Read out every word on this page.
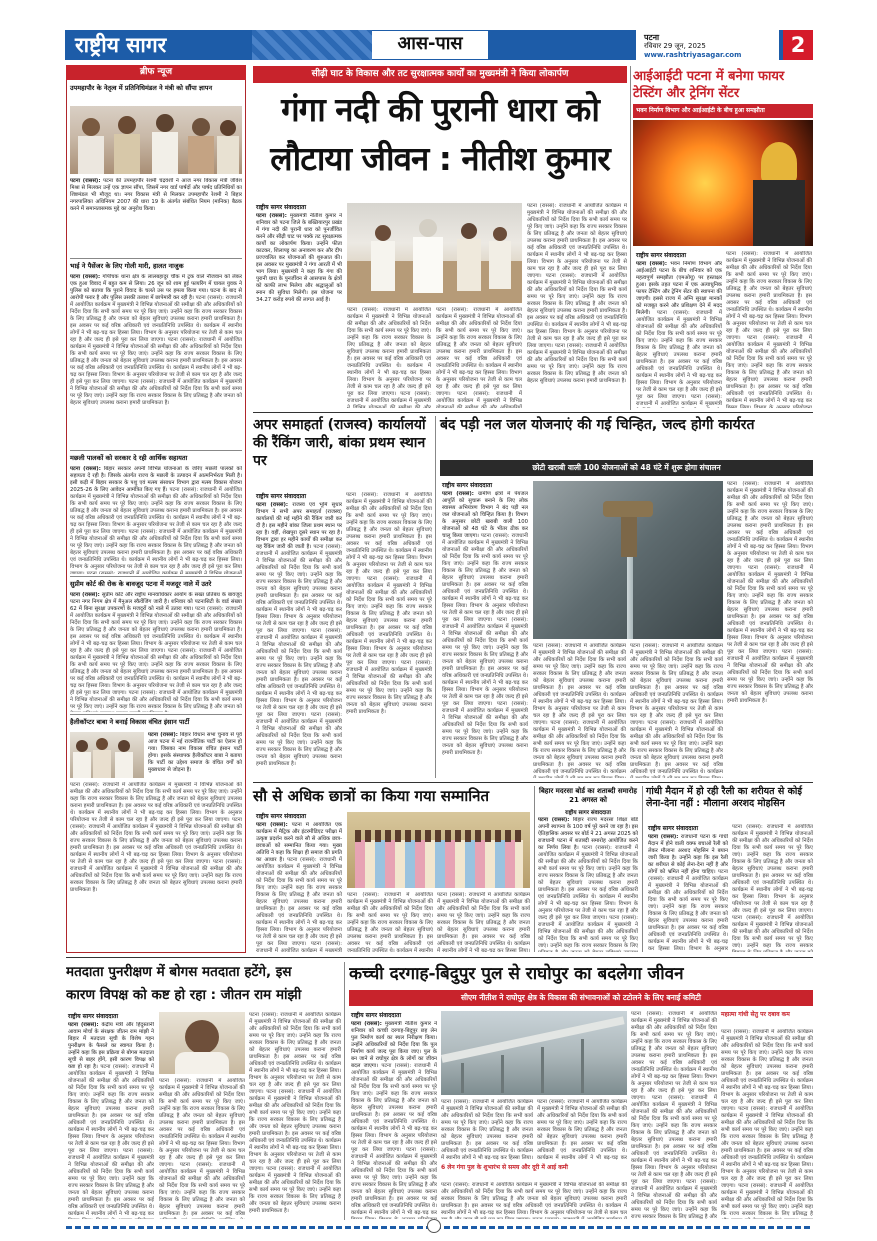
राष्ट्रीय सागर	आस-पास	पटना
रविवार 29 जून, 2025
www.rashtriyasagar.com	2
ब्रीफ न्यूज
उपमहापौर के नेतृत्व में प्रतिनिधिमंडल ने मंत्री को सौंपा ज्ञापन
पटना (राससं): पटना की उपमहापौर रेशमी चंद्रवंशी ने आज नगर विकास मंत्री जीवेश मिश्रा से मिलकर उन्हें एक ज्ञापन सौंपा, जिसमें नगर वार्ड पार्षदों और पार्षद प्रतिनिधियों का शिष्टमंडल भी मौजूद था। नगर विकास मंत्री से मिलकर उपमहापौर रेशमी ने बिहार नगरपालिका अधिनियम 2007 की धारा 19 के अंतर्गत संबंधित नियम (मानिक) बैठक करने में समानतासमक मुद्दे का अनुरोध किया।
भाई ने पैसेंजर के लिए गोली मारी, हालत नाजुक
पटना (राससं): गोपीचक थाना क्षेत्र के लालबहादुर चौक में ट्रक वाले नौजवान को लेकर एक हुआ विवाद में बहुत कम से लिया। 26 जून को शाम हुई फायरिंग में घायल युवक ने पुलिस को बताया कि पुराने विवाद के चलते उस पर हमला किया गया। घटना के बाद से आरोपी फरार है और पुलिस उसकी तलाश में छापेमारी कर रही है। पटना (राससं): राजधानी में आयोजित कार्यक्रम में मुख्यमंत्री ने विभिन्न योजनाओं की समीक्षा की और अधिकारियों को निर्देश दिया कि सभी कार्य समय पर पूरे किए जाएं। उन्होंने कहा कि राज्य सरकार विकास के लिए प्रतिबद्ध है और जनता को बेहतर सुविधाएं उपलब्ध कराना हमारी प्राथमिकता है। इस अवसर पर कई वरिष्ठ अधिकारी एवं जनप्रतिनिधि उपस्थित थे। कार्यक्रम में स्थानीय लोगों ने भी बढ़-चढ़ कर हिस्सा लिया। विभाग के अनुसार परियोजना पर तेजी से काम चल रहा है और जल्द ही इसे पूरा कर लिया जाएगा। पटना (राससं): राजधानी में आयोजित कार्यक्रम में मुख्यमंत्री ने विभिन्न योजनाओं की समीक्षा की और अधिकारियों को निर्देश दिया कि सभी कार्य समय पर पूरे किए जाएं। उन्होंने कहा कि राज्य सरकार विकास के लिए प्रतिबद्ध है और जनता को बेहतर सुविधाएं उपलब्ध कराना हमारी प्राथमिकता है। इस अवसर पर कई वरिष्ठ अधिकारी एवं जनप्रतिनिधि उपस्थित थे। कार्यक्रम में स्थानीय लोगों ने भी बढ़-चढ़ कर हिस्सा लिया। विभाग के अनुसार परियोजना पर तेजी से काम चल रहा है और जल्द ही इसे पूरा कर लिया जाएगा। पटना (राससं): राजधानी में आयोजित कार्यक्रम में मुख्यमंत्री ने विभिन्न योजनाओं की समीक्षा की और अधिकारियों को निर्देश दिया कि सभी कार्य समय पर पूरे किए जाएं। उन्होंने कहा कि राज्य सरकार विकास के लिए प्रतिबद्ध है और जनता को बेहतर सुविधाएं उपलब्ध कराना हमारी प्राथमिकता है।
मछली पालकों को सरकार दे रही आर्थिक सहायता
पटना (राससं): बिहार सरकार अपनी विभिन्न योजनाओं के जरिए मछली पालकों को सहायता दे रही है। जिसके अंतर्गत राज्य के मछली के उत्पादन में आत्मनिर्भरता मिली है। इसी कड़ी में बिहार सरकार के पशु एवं मत्स्य संसाधन विभाग द्वारा मत्स्य विकास योजना 2025-26 के लिए आवेदन आमंत्रित किए गए हैं। पटना (राससं): राजधानी में आयोजित कार्यक्रम में मुख्यमंत्री ने विभिन्न योजनाओं की समीक्षा की और अधिकारियों को निर्देश दिया कि सभी कार्य समय पर पूरे किए जाएं। उन्होंने कहा कि राज्य सरकार विकास के लिए प्रतिबद्ध है और जनता को बेहतर सुविधाएं उपलब्ध कराना हमारी प्राथमिकता है। इस अवसर पर कई वरिष्ठ अधिकारी एवं जनप्रतिनिधि उपस्थित थे। कार्यक्रम में स्थानीय लोगों ने भी बढ़-चढ़ कर हिस्सा लिया। विभाग के अनुसार परियोजना पर तेजी से काम चल रहा है और जल्द ही इसे पूरा कर लिया जाएगा। पटना (राससं): राजधानी में आयोजित कार्यक्रम में मुख्यमंत्री ने विभिन्न योजनाओं की समीक्षा की और अधिकारियों को निर्देश दिया कि सभी कार्य समय पर पूरे किए जाएं। उन्होंने कहा कि राज्य सरकार विकास के लिए प्रतिबद्ध है और जनता को बेहतर सुविधाएं उपलब्ध कराना हमारी प्राथमिकता है। इस अवसर पर कई वरिष्ठ अधिकारी एवं जनप्रतिनिधि उपस्थित थे। कार्यक्रम में स्थानीय लोगों ने भी बढ़-चढ़ कर हिस्सा लिया। विभाग के अनुसार परियोजना पर तेजी से काम चल रहा है और जल्द ही इसे पूरा कर लिया जाएगा। पटना (राससं): राजधानी में आयोजित कार्यक्रम में मुख्यमंत्री ने विभिन्न योजनाओं की समीक्षा की और अधिकारियों को निर्देश दिया कि सभी कार्य समय पर पूरे किए जाएं। उन्होंने कहा कि राज्य सरकार विकास के लिए प्रतिबद्ध है और जनता को बेहतर सुविधाएं उपलब्ध कराना हमारी प्राथमिकता है।
सुप्रीम कोर्ट की रोक के बावजूद पटना में मजदूर नाले में उतरे
पटना (राससं): सुप्रीम कोर्ट और राष्ट्रीय मानवाधिकार आयोग के सख्त प्रतिबंध के बावजूद पटना नगर निगम क्षेत्र में मैनुअल स्कैवेंजिंग जारी है। शनिवार को पटनासिटी के वार्ड संख्या 62 में बिना सुरक्षा उपकरणों के मजदूरों को नाले में उतारा गया। पटना (राससं): राजधानी में आयोजित कार्यक्रम में मुख्यमंत्री ने विभिन्न योजनाओं की समीक्षा की और अधिकारियों को निर्देश दिया कि सभी कार्य समय पर पूरे किए जाएं। उन्होंने कहा कि राज्य सरकार विकास के लिए प्रतिबद्ध है और जनता को बेहतर सुविधाएं उपलब्ध कराना हमारी प्राथमिकता है। इस अवसर पर कई वरिष्ठ अधिकारी एवं जनप्रतिनिधि उपस्थित थे। कार्यक्रम में स्थानीय लोगों ने भी बढ़-चढ़ कर हिस्सा लिया। विभाग के अनुसार परियोजना पर तेजी से काम चल रहा है और जल्द ही इसे पूरा कर लिया जाएगा। पटना (राससं): राजधानी में आयोजित कार्यक्रम में मुख्यमंत्री ने विभिन्न योजनाओं की समीक्षा की और अधिकारियों को निर्देश दिया कि सभी कार्य समय पर पूरे किए जाएं। उन्होंने कहा कि राज्य सरकार विकास के लिए प्रतिबद्ध है और जनता को बेहतर सुविधाएं उपलब्ध कराना हमारी प्राथमिकता है। इस अवसर पर कई वरिष्ठ अधिकारी एवं जनप्रतिनिधि उपस्थित थे। कार्यक्रम में स्थानीय लोगों ने भी बढ़-चढ़ कर हिस्सा लिया। विभाग के अनुसार परियोजना पर तेजी से काम चल रहा है और जल्द ही इसे पूरा कर लिया जाएगा। पटना (राससं): राजधानी में आयोजित कार्यक्रम में मुख्यमंत्री ने विभिन्न योजनाओं की समीक्षा की और अधिकारियों को निर्देश दिया कि सभी कार्य समय पर पूरे किए जाएं। उन्होंने कहा कि राज्य सरकार विकास के लिए प्रतिबद्ध है और जनता को बेहतर सुविधाएं उपलब्ध कराना हमारी प्राथमिकता है।
हैलीकॉप्टर बाबा ने बनाई विकास वंचित इंसान पार्टी
पटना (राससं): बिहार विधान सभा चुनाव से पूर्व आज पटना में नई राजनीतिक पार्टी का ऐलान हो गया। जिसका नाम विकास वंचित इंसान पार्टी होगा। इसके संस्थापक हैलीकॉप्टर बाबा ने बताया कि पार्टी का उद्देश्य समाज के वंचित वर्गों को मुख्यधारा से जोड़ना है।
पटना (राससं): राजधानी में आयोजित कार्यक्रम में मुख्यमंत्री ने विभिन्न योजनाओं की समीक्षा की और अधिकारियों को निर्देश दिया कि सभी कार्य समय पर पूरे किए जाएं। उन्होंने कहा कि राज्य सरकार विकास के लिए प्रतिबद्ध है और जनता को बेहतर सुविधाएं उपलब्ध कराना हमारी प्राथमिकता है। इस अवसर पर कई वरिष्ठ अधिकारी एवं जनप्रतिनिधि उपस्थित थे। कार्यक्रम में स्थानीय लोगों ने भी बढ़-चढ़ कर हिस्सा लिया। विभाग के अनुसार परियोजना पर तेजी से काम चल रहा है और जल्द ही इसे पूरा कर लिया जाएगा। पटना (राससं): राजधानी में आयोजित कार्यक्रम में मुख्यमंत्री ने विभिन्न योजनाओं की समीक्षा की और अधिकारियों को निर्देश दिया कि सभी कार्य समय पर पूरे किए जाएं। उन्होंने कहा कि राज्य सरकार विकास के लिए प्रतिबद्ध है और जनता को बेहतर सुविधाएं उपलब्ध कराना हमारी प्राथमिकता है। इस अवसर पर कई वरिष्ठ अधिकारी एवं जनप्रतिनिधि उपस्थित थे। कार्यक्रम में स्थानीय लोगों ने भी बढ़-चढ़ कर हिस्सा लिया। विभाग के अनुसार परियोजना पर तेजी से काम चल रहा है और जल्द ही इसे पूरा कर लिया जाएगा। पटना (राससं): राजधानी में आयोजित कार्यक्रम में मुख्यमंत्री ने विभिन्न योजनाओं की समीक्षा की और अधिकारियों को निर्देश दिया कि सभी कार्य समय पर पूरे किए जाएं। उन्होंने कहा कि राज्य सरकार विकास के लिए प्रतिबद्ध है और जनता को बेहतर सुविधाएं उपलब्ध कराना हमारी प्राथमिकता है।
सीढ़ी घाट के विकास और तट सुरक्षात्मक कार्यों का मुख्यमंत्री ने किया लोकार्पण
गंगा नदी की पुरानी धारा को
लौटाया जीवन : नीतीश कुमार
राष्ट्रीय सागर संवाददाता
पटना (राससं): मुख्यमंत्री नीतीश कुमार ने शनिवार को पटना जिले के बख्तियारपुर प्रखंड में गंगा नदी की पुरानी धारा को पुनर्जीवित करने और सीढ़ी घाट पर पक्के तट सुरक्षात्मक कार्यों का लोकार्पण किया। उन्होंने फीता काटकर, शिलापट्ट का अनावरण कर और दीप प्रज्ज्वलित कर योजनाओं की शुरुआत की। इस अवसर पर मुख्यमंत्री ने गंगा आरती में भी भाग लिया। मुख्यमंत्री ने कहा कि गंगा की पुरानी धारा के पुनर्जीवन से आसपास के क्षेत्रों को काफी लाभ मिलेगा और श्रद्धालुओं को स्नान की सुविधा मिलेगी। इस योजना पर 34.27 करोड़ रुपये की लागत आई है।
पटना (राससं): राजधानी में आयोजित कार्यक्रम में मुख्यमंत्री ने विभिन्न योजनाओं की समीक्षा की और अधिकारियों को निर्देश दिया कि सभी कार्य समय पर पूरे किए जाएं। उन्होंने कहा कि राज्य सरकार विकास के लिए प्रतिबद्ध है और जनता को बेहतर सुविधाएं उपलब्ध कराना हमारी प्राथमिकता है। इस अवसर पर कई वरिष्ठ अधिकारी एवं जनप्रतिनिधि उपस्थित थे। कार्यक्रम में स्थानीय लोगों ने भी बढ़-चढ़ कर हिस्सा लिया। विभाग के अनुसार परियोजना पर तेजी से काम चल रहा है और जल्द ही इसे पूरा कर लिया जाएगा। पटना (राससं): राजधानी में आयोजित कार्यक्रम में मुख्यमंत्री ने विभिन्न योजनाओं की समीक्षा की और अधिकारियों को निर्देश दिया कि सभी कार्य समय पर पूरे किए जाएं। उन्होंने कहा कि राज्य सरकार विकास के लिए प्रतिबद्ध है और जनता को बेहतर सुविधाएं उपलब्ध कराना हमारी प्राथमिकता है। इस अवसर पर कई वरिष्ठ अधिकारी एवं जनप्रतिनिधि उपस्थित थे। कार्यक्रम में स्थानीय लोगों ने भी बढ़-चढ़ कर हिस्सा लिया। विभाग के अनुसार परियोजना पर तेजी से काम चल रहा है और जल्द ही इसे पूरा कर लिया जाएगा। पटना (राससं): राजधानी में आयोजित कार्यक्रम में मुख्यमंत्री ने विभिन्न योजनाओं की समीक्षा की और अधिकारियों को निर्देश दिया कि सभी कार्य समय पर पूरे किए जाएं। उन्होंने कहा कि राज्य सरकार विकास के लिए प्रतिबद्ध है और जनता को बेहतर सुविधाएं उपलब्ध कराना हमारी प्राथमिकता है।
पटना (राससं): राजधानी में आयोजित कार्यक्रम में मुख्यमंत्री ने विभिन्न योजनाओं की समीक्षा की और अधिकारियों को निर्देश दिया कि सभी कार्य समय पर पूरे किए जाएं। उन्होंने कहा कि राज्य सरकार विकास के लिए प्रतिबद्ध है और जनता को बेहतर सुविधाएं उपलब्ध कराना हमारी प्राथमिकता है। इस अवसर पर कई वरिष्ठ अधिकारी एवं जनप्रतिनिधि उपस्थित थे। कार्यक्रम में स्थानीय लोगों ने भी बढ़-चढ़ कर हिस्सा लिया। विभाग के अनुसार परियोजना पर तेजी से काम चल रहा है और जल्द ही इसे पूरा कर लिया जाएगा। पटना (राससं): राजधानी में आयोजित कार्यक्रम में मुख्यमंत्री ने विभिन्न योजनाओं की समीक्षा की और अधिकारियों को निर्देश दिया कि सभी कार्य समय पर पूरे किए जाएं। उन्होंने कहा कि राज्य सरकार विकास के लिए प्रतिबद्ध है और जनता को बेहतर सुविधाएं उपलब्ध कराना हमारी प्राथमिकता है। इस अवसर पर कई वरिष्ठ अधिकारी एवं जनप्रतिनिधि उपस्थित थे। कार्यक्रम में स्थानीय लोगों ने भी बढ़-चढ़ कर हिस्सा लिया। विभाग के अनुसार परियोजना पर तेजी से काम चल रहा है और जल्द ही इसे पूरा कर लिया जाएगा। पटना (राससं): राजधानी में आयोजित कार्यक्रम में मुख्यमंत्री ने विभिन्न योजनाओं की समीक्षा की और अधिकारियों को निर्देश दिया कि सभी कार्य समय पर पूरे किए जाएं। उन्होंने कहा कि राज्य सरकार विकास के लिए प्रतिबद्ध है और जनता को बेहतर सुविधाएं उपलब्ध कराना हमारी प्राथमिकता है।
पटना (राससं): राजधानी में आयोजित कार्यक्रम में मुख्यमंत्री ने विभिन्न योजनाओं की समीक्षा की और अधिकारियों को निर्देश दिया कि सभी कार्य समय पर पूरे किए जाएं। उन्होंने कहा कि राज्य सरकार विकास के लिए प्रतिबद्ध है और जनता को बेहतर सुविधाएं उपलब्ध कराना हमारी प्राथमिकता है। इस अवसर पर कई वरिष्ठ अधिकारी एवं जनप्रतिनिधि उपस्थित थे। कार्यक्रम में स्थानीय लोगों ने भी बढ़-चढ़ कर हिस्सा लिया। विभाग के अनुसार परियोजना पर तेजी से काम चल रहा है और जल्द ही इसे पूरा कर लिया जाएगा। पटना (राससं): राजधानी में आयोजित कार्यक्रम में मुख्यमंत्री ने विभिन्न योजनाओं की समीक्षा की और अधिकारियों को निर्देश दिया कि सभी कार्य समय पर पूरे किए जाएं। उन्होंने कहा कि राज्य सरकार विकास के लिए प्रतिबद्ध है और जनता को बेहतर सुविधाएं उपलब्ध कराना हमारी प्राथमिकता है। इस अवसर पर कई वरिष्ठ अधिकारी एवं जनप्रतिनिधि उपस्थित थे। कार्यक्रम में स्थानीय लोगों ने भी बढ़-चढ़ कर हिस्सा लिया। विभाग के अनुसार परियोजना पर तेजी से काम चल रहा है और जल्द ही इसे पूरा कर लिया जाएगा। पटना (राससं): राजधानी में आयोजित कार्यक्रम में मुख्यमंत्री ने विभिन्न योजनाओं की समीक्षा की और अधिकारियों को निर्देश दिया कि सभी कार्य समय पर पूरे किए जाएं। उन्होंने कहा कि राज्य सरकार विकास के लिए प्रतिबद्ध है और जनता को बेहतर सुविधाएं उपलब्ध कराना हमारी प्राथमिकता है।
आईआईटी पटना में बनेगा फायर टेस्टिंग और ट्रेनिंग सेंटर
भवन निर्माण विभाग और आईआईटी के बीच हुआ समझौता
राष्ट्रीय सागर संवाददाता
पटना (राससं): भवन निर्माण विभाग और आईआईटी पटना के बीच शनिवार को एक महत्वपूर्ण समझौता (एमओयू) पर हस्ताक्षर हुआ। इसके तहत पटना में एक अत्याधुनिक फायर टेस्टिंग और ट्रेनिंग सेंटर की स्थापना की जाएगी। इससे राज्य में अग्नि सुरक्षा मानकों को मजबूत करने और प्रशिक्षण देने में मदद मिलेगी। पटना (राससं): राजधानी में आयोजित कार्यक्रम में मुख्यमंत्री ने विभिन्न योजनाओं की समीक्षा की और अधिकारियों को निर्देश दिया कि सभी कार्य समय पर पूरे किए जाएं। उन्होंने कहा कि राज्य सरकार विकास के लिए प्रतिबद्ध है और जनता को बेहतर सुविधाएं उपलब्ध कराना हमारी प्राथमिकता है। इस अवसर पर कई वरिष्ठ अधिकारी एवं जनप्रतिनिधि उपस्थित थे। कार्यक्रम में स्थानीय लोगों ने भी बढ़-चढ़ कर हिस्सा लिया। विभाग के अनुसार परियोजना पर तेजी से काम चल रहा है और जल्द ही इसे पूरा कर लिया जाएगा। पटना (राससं): राजधानी में आयोजित कार्यक्रम में मुख्यमंत्री ने विभिन्न योजनाओं की समीक्षा की और अधिकारियों को निर्देश दिया कि सभी कार्य समय पर पूरे किए जाएं। उन्होंने कहा कि राज्य सरकार विकास के लिए प्रतिबद्ध है और जनता को बेहतर सुविधाएं उपलब्ध कराना हमारी प्राथमिकता है। इस अवसर पर कई वरिष्ठ अधिकारी एवं जनप्रतिनिधि उपस्थित थे। कार्यक्रम में स्थानीय लोगों ने भी बढ़-चढ़ कर हिस्सा लिया। विभाग के अनुसार परियोजना पर तेजी से काम चल रहा है और जल्द ही इसे पूरा कर लिया जाएगा। पटना (राससं): राजधानी में आयोजित कार्यक्रम में मुख्यमंत्री ने विभिन्न योजनाओं की समीक्षा की और अधिकारियों को निर्देश दिया कि सभी कार्य समय पर पूरे किए जाएं। उन्होंने कहा कि राज्य सरकार विकास के लिए प्रतिबद्ध है और जनता को बेहतर सुविधाएं उपलब्ध कराना हमारी प्राथमिकता है।
पटना (राससं): राजधानी में आयोजित कार्यक्रम में मुख्यमंत्री ने विभिन्न योजनाओं की समीक्षा की और अधिकारियों को निर्देश दिया कि सभी कार्य समय पर पूरे किए जाएं। उन्होंने कहा कि राज्य सरकार विकास के लिए प्रतिबद्ध है और जनता को बेहतर सुविधाएं उपलब्ध कराना हमारी प्राथमिकता है। इस अवसर पर कई वरिष्ठ अधिकारी एवं जनप्रतिनिधि उपस्थित थे। कार्यक्रम में स्थानीय लोगों ने भी बढ़-चढ़ कर हिस्सा लिया। विभाग के अनुसार परियोजना पर तेजी से काम चल रहा है और जल्द ही इसे पूरा कर लिया जाएगा। पटना (राससं): राजधानी में आयोजित कार्यक्रम में मुख्यमंत्री ने विभिन्न योजनाओं की समीक्षा की और अधिकारियों को निर्देश दिया कि सभी कार्य समय पर पूरे किए जाएं। उन्होंने कहा कि राज्य सरकार विकास के लिए प्रतिबद्ध है और जनता को बेहतर सुविधाएं उपलब्ध कराना हमारी प्राथमिकता है। इस अवसर पर कई वरिष्ठ अधिकारी एवं जनप्रतिनिधि उपस्थित थे। कार्यक्रम में स्थानीय लोगों ने भी बढ़-चढ़ कर हिस्सा लिया। विभाग के अनुसार परियोजना पर तेजी से काम चल रहा है और जल्द ही इसे पूरा कर लिया जाएगा। पटना (राससं): राजधानी में आयोजित कार्यक्रम में मुख्यमंत्री ने विभिन्न योजनाओं की समीक्षा की और अधिकारियों को निर्देश दिया कि सभी कार्य समय पर पूरे किए जाएं। उन्होंने कहा कि राज्य सरकार विकास के लिए प्रतिबद्ध है और जनता को बेहतर सुविधाएं उपलब्ध कराना हमारी प्राथमिकता है।
अपर समाहर्ता (राजस्व) कार्यालयों की रैंकिंग जारी, बांका प्रथम स्थान पर
राष्ट्रीय सागर संवाददाता
पटना (राससं): राजस्व एवं भूमि सुधार विभाग ने सभी अपर समाहर्ता (राजस्व) कार्यालयों की मई महीने की रैंकिंग जारी कर दी है। इस महीने बांका जिला प्रथम स्थान पर रहा है। वहीं, शेखपुरा दूसरे स्थान पर रहा है। विभाग द्वारा हर महीने कार्यों की समीक्षा कर यह रैंकिंग जारी की जाती है। पटना (राससं): राजधानी में आयोजित कार्यक्रम में मुख्यमंत्री ने विभिन्न योजनाओं की समीक्षा की और अधिकारियों को निर्देश दिया कि सभी कार्य समय पर पूरे किए जाएं। उन्होंने कहा कि राज्य सरकार विकास के लिए प्रतिबद्ध है और जनता को बेहतर सुविधाएं उपलब्ध कराना हमारी प्राथमिकता है। इस अवसर पर कई वरिष्ठ अधिकारी एवं जनप्रतिनिधि उपस्थित थे। कार्यक्रम में स्थानीय लोगों ने भी बढ़-चढ़ कर हिस्सा लिया। विभाग के अनुसार परियोजना पर तेजी से काम चल रहा है और जल्द ही इसे पूरा कर लिया जाएगा। पटना (राससं): राजधानी में आयोजित कार्यक्रम में मुख्यमंत्री ने विभिन्न योजनाओं की समीक्षा की और अधिकारियों को निर्देश दिया कि सभी कार्य समय पर पूरे किए जाएं। उन्होंने कहा कि राज्य सरकार विकास के लिए प्रतिबद्ध है और जनता को बेहतर सुविधाएं उपलब्ध कराना हमारी प्राथमिकता है। इस अवसर पर कई वरिष्ठ अधिकारी एवं जनप्रतिनिधि उपस्थित थे। कार्यक्रम में स्थानीय लोगों ने भी बढ़-चढ़ कर हिस्सा लिया। विभाग के अनुसार परियोजना पर तेजी से काम चल रहा है और जल्द ही इसे पूरा कर लिया जाएगा। पटना (राससं): राजधानी में आयोजित कार्यक्रम में मुख्यमंत्री ने विभिन्न योजनाओं की समीक्षा की और अधिकारियों को निर्देश दिया कि सभी कार्य समय पर पूरे किए जाएं। उन्होंने कहा कि राज्य सरकार विकास के लिए प्रतिबद्ध है और जनता को बेहतर सुविधाएं उपलब्ध कराना हमारी प्राथमिकता है।
पटना (राससं): राजधानी में आयोजित कार्यक्रम में मुख्यमंत्री ने विभिन्न योजनाओं की समीक्षा की और अधिकारियों को निर्देश दिया कि सभी कार्य समय पर पूरे किए जाएं। उन्होंने कहा कि राज्य सरकार विकास के लिए प्रतिबद्ध है और जनता को बेहतर सुविधाएं उपलब्ध कराना हमारी प्राथमिकता है। इस अवसर पर कई वरिष्ठ अधिकारी एवं जनप्रतिनिधि उपस्थित थे। कार्यक्रम में स्थानीय लोगों ने भी बढ़-चढ़ कर हिस्सा लिया। विभाग के अनुसार परियोजना पर तेजी से काम चल रहा है और जल्द ही इसे पूरा कर लिया जाएगा। पटना (राससं): राजधानी में आयोजित कार्यक्रम में मुख्यमंत्री ने विभिन्न योजनाओं की समीक्षा की और अधिकारियों को निर्देश दिया कि सभी कार्य समय पर पूरे किए जाएं। उन्होंने कहा कि राज्य सरकार विकास के लिए प्रतिबद्ध है और जनता को बेहतर सुविधाएं उपलब्ध कराना हमारी प्राथमिकता है। इस अवसर पर कई वरिष्ठ अधिकारी एवं जनप्रतिनिधि उपस्थित थे। कार्यक्रम में स्थानीय लोगों ने भी बढ़-चढ़ कर हिस्सा लिया। विभाग के अनुसार परियोजना पर तेजी से काम चल रहा है और जल्द ही इसे पूरा कर लिया जाएगा। पटना (राससं): राजधानी में आयोजित कार्यक्रम में मुख्यमंत्री ने विभिन्न योजनाओं की समीक्षा की और अधिकारियों को निर्देश दिया कि सभी कार्य समय पर पूरे किए जाएं। उन्होंने कहा कि राज्य सरकार विकास के लिए प्रतिबद्ध है और जनता को बेहतर सुविधाएं उपलब्ध कराना हमारी प्राथमिकता है।
बंद पड़ी नल जल योजनाएं की गई चिन्हित, जल्द होगी कार्यरत
छोटी खराबी वाली 100 योजनाओं को 48 घंटे में शुरू होगा संचालन
राष्ट्रीय सागर संवाददाता
पटना (राससं): ग्रामीण क्षेत्रों में पेयजल आपूर्ति को सुचारू बनाने के लिए लोक स्वास्थ्य अभियंत्रण विभाग ने बंद पड़ी नल जल योजनाओं को चिन्हित किया है। विभाग के अनुसार छोटी खराबी वाली 100 योजनाओं को 48 घंटे के भीतर ठीक कर चालू किया जाएगा। पटना (राससं): राजधानी में आयोजित कार्यक्रम में मुख्यमंत्री ने विभिन्न योजनाओं की समीक्षा की और अधिकारियों को निर्देश दिया कि सभी कार्य समय पर पूरे किए जाएं। उन्होंने कहा कि राज्य सरकार विकास के लिए प्रतिबद्ध है और जनता को बेहतर सुविधाएं उपलब्ध कराना हमारी प्राथमिकता है। इस अवसर पर कई वरिष्ठ अधिकारी एवं जनप्रतिनिधि उपस्थित थे। कार्यक्रम में स्थानीय लोगों ने भी बढ़-चढ़ कर हिस्सा लिया। विभाग के अनुसार परियोजना पर तेजी से काम चल रहा है और जल्द ही इसे पूरा कर लिया जाएगा। पटना (राससं): राजधानी में आयोजित कार्यक्रम में मुख्यमंत्री ने विभिन्न योजनाओं की समीक्षा की और अधिकारियों को निर्देश दिया कि सभी कार्य समय पर पूरे किए जाएं। उन्होंने कहा कि राज्य सरकार विकास के लिए प्रतिबद्ध है और जनता को बेहतर सुविधाएं उपलब्ध कराना हमारी प्राथमिकता है। इस अवसर पर कई वरिष्ठ अधिकारी एवं जनप्रतिनिधि उपस्थित थे। कार्यक्रम में स्थानीय लोगों ने भी बढ़-चढ़ कर हिस्सा लिया। विभाग के अनुसार परियोजना पर तेजी से काम चल रहा है और जल्द ही इसे पूरा कर लिया जाएगा। पटना (राससं): राजधानी में आयोजित कार्यक्रम में मुख्यमंत्री ने विभिन्न योजनाओं की समीक्षा की और अधिकारियों को निर्देश दिया कि सभी कार्य समय पर पूरे किए जाएं। उन्होंने कहा कि राज्य सरकार विकास के लिए प्रतिबद्ध है और जनता को बेहतर सुविधाएं उपलब्ध कराना हमारी प्राथमिकता है।
पटना (राससं): राजधानी में आयोजित कार्यक्रम में मुख्यमंत्री ने विभिन्न योजनाओं की समीक्षा की और अधिकारियों को निर्देश दिया कि सभी कार्य समय पर पूरे किए जाएं। उन्होंने कहा कि राज्य सरकार विकास के लिए प्रतिबद्ध है और जनता को बेहतर सुविधाएं उपलब्ध कराना हमारी प्राथमिकता है। इस अवसर पर कई वरिष्ठ अधिकारी एवं जनप्रतिनिधि उपस्थित थे। कार्यक्रम में स्थानीय लोगों ने भी बढ़-चढ़ कर हिस्सा लिया। विभाग के अनुसार परियोजना पर तेजी से काम चल रहा है और जल्द ही इसे पूरा कर लिया जाएगा। पटना (राससं): राजधानी में आयोजित कार्यक्रम में मुख्यमंत्री ने विभिन्न योजनाओं की समीक्षा की और अधिकारियों को निर्देश दिया कि सभी कार्य समय पर पूरे किए जाएं। उन्होंने कहा कि राज्य सरकार विकास के लिए प्रतिबद्ध है और जनता को बेहतर सुविधाएं उपलब्ध कराना हमारी प्राथमिकता है। इस अवसर पर कई वरिष्ठ अधिकारी एवं जनप्रतिनिधि उपस्थित थे। कार्यक्रम में स्थानीय लोगों ने भी बढ़-चढ़ कर हिस्सा लिया। विभाग के अनुसार परियोजना पर तेजी से काम चल रहा है और जल्द ही इसे पूरा कर लिया जाएगा। पटना (राससं): राजधानी में आयोजित कार्यक्रम में मुख्यमंत्री ने विभिन्न योजनाओं की समीक्षा की और अधिकारियों को निर्देश दिया कि सभी कार्य समय पर पूरे किए जाएं। उन्होंने कहा कि राज्य सरकार विकास के लिए प्रतिबद्ध है और जनता को बेहतर सुविधाएं उपलब्ध कराना हमारी प्राथमिकता है।
पटना (राससं): राजधानी में आयोजित कार्यक्रम में मुख्यमंत्री ने विभिन्न योजनाओं की समीक्षा की और अधिकारियों को निर्देश दिया कि सभी कार्य समय पर पूरे किए जाएं। उन्होंने कहा कि राज्य सरकार विकास के लिए प्रतिबद्ध है और जनता को बेहतर सुविधाएं उपलब्ध कराना हमारी प्राथमिकता है। इस अवसर पर कई वरिष्ठ अधिकारी एवं जनप्रतिनिधि उपस्थित थे। कार्यक्रम में स्थानीय लोगों ने भी बढ़-चढ़ कर हिस्सा लिया। विभाग के अनुसार परियोजना पर तेजी से काम चल रहा है और जल्द ही इसे पूरा कर लिया जाएगा। पटना (राससं): राजधानी में आयोजित कार्यक्रम में मुख्यमंत्री ने विभिन्न योजनाओं की समीक्षा की और अधिकारियों को निर्देश दिया कि सभी कार्य समय पर पूरे किए जाएं। उन्होंने कहा कि राज्य सरकार विकास के लिए प्रतिबद्ध है और जनता को बेहतर सुविधाएं उपलब्ध कराना हमारी प्राथमिकता है। इस अवसर पर कई वरिष्ठ अधिकारी एवं जनप्रतिनिधि उपस्थित थे। कार्यक्रम में स्थानीय लोगों ने भी बढ़-चढ़ कर हिस्सा लिया। विभाग के अनुसार परियोजना पर तेजी से काम चल रहा है और जल्द ही इसे पूरा कर लिया जाएगा। पटना (राससं): राजधानी में आयोजित कार्यक्रम में मुख्यमंत्री ने विभिन्न योजनाओं की समीक्षा की और अधिकारियों को निर्देश दिया कि सभी कार्य समय पर पूरे किए जाएं। उन्होंने कहा कि राज्य सरकार विकास के लिए प्रतिबद्ध है और जनता को बेहतर सुविधाएं उपलब्ध कराना हमारी प्राथमिकता है।
पटना (राससं): राजधानी में आयोजित कार्यक्रम में मुख्यमंत्री ने विभिन्न योजनाओं की समीक्षा की और अधिकारियों को निर्देश दिया कि सभी कार्य समय पर पूरे किए जाएं। उन्होंने कहा कि राज्य सरकार विकास के लिए प्रतिबद्ध है और जनता को बेहतर सुविधाएं उपलब्ध कराना हमारी प्राथमिकता है। इस अवसर पर कई वरिष्ठ अधिकारी एवं जनप्रतिनिधि उपस्थित थे। कार्यक्रम में स्थानीय लोगों ने भी बढ़-चढ़ कर हिस्सा लिया। विभाग के अनुसार परियोजना पर तेजी से काम चल रहा है और जल्द ही इसे पूरा कर लिया जाएगा। पटना (राससं): राजधानी में आयोजित कार्यक्रम में मुख्यमंत्री ने विभिन्न योजनाओं की समीक्षा की और अधिकारियों को निर्देश दिया कि सभी कार्य समय पर पूरे किए जाएं। उन्होंने कहा कि राज्य सरकार विकास के लिए प्रतिबद्ध है और जनता को बेहतर सुविधाएं उपलब्ध कराना हमारी प्राथमिकता है। इस अवसर पर कई वरिष्ठ अधिकारी एवं जनप्रतिनिधि उपस्थित थे। कार्यक्रम में स्थानीय लोगों ने भी बढ़-चढ़ कर हिस्सा लिया। विभाग के अनुसार परियोजना पर तेजी से काम चल रहा है और जल्द ही इसे पूरा कर लिया जाएगा। पटना (राससं): राजधानी में आयोजित कार्यक्रम में मुख्यमंत्री ने विभिन्न योजनाओं की समीक्षा की और अधिकारियों को निर्देश दिया कि सभी कार्य समय पर पूरे किए जाएं। उन्होंने कहा कि राज्य सरकार विकास के लिए प्रतिबद्ध है और जनता को बेहतर सुविधाएं उपलब्ध कराना हमारी प्राथमिकता है।
सौ से अधिक छात्रों का किया गया सम्मानित
राष्ट्रीय सागर संवाददाता
पटना (राससं): पटना में आयोजित एक कार्यक्रम में मैट्रिक और इंटरमीडिएट परीक्षा में उत्कृष्ट प्रदर्शन करने वाले सौ से अधिक छात्र-छात्राओं को सम्मानित किया गया। मुख्य अतिथि ने कहा कि शिक्षा ही समाज की प्रगति का आधार है। पटना (राससं): राजधानी में आयोजित कार्यक्रम में मुख्यमंत्री ने विभिन्न योजनाओं की समीक्षा की और अधिकारियों को निर्देश दिया कि सभी कार्य समय पर पूरे किए जाएं। उन्होंने कहा कि राज्य सरकार विकास के लिए प्रतिबद्ध है और जनता को बेहतर सुविधाएं उपलब्ध कराना हमारी प्राथमिकता है। इस अवसर पर कई वरिष्ठ अधिकारी एवं जनप्रतिनिधि उपस्थित थे। कार्यक्रम में स्थानीय लोगों ने भी बढ़-चढ़ कर हिस्सा लिया। विभाग के अनुसार परियोजना पर तेजी से काम चल रहा है और जल्द ही इसे पूरा कर लिया जाएगा। पटना (राससं): राजधानी में आयोजित कार्यक्रम में मुख्यमंत्री ने विभिन्न योजनाओं की समीक्षा की और अधिकारियों को निर्देश दिया कि सभी कार्य समय पर पूरे किए जाएं। उन्होंने कहा कि राज्य सरकार विकास के लिए प्रतिबद्ध है और जनता को बेहतर सुविधाएं उपलब्ध कराना हमारी प्राथमिकता है। इस अवसर पर कई वरिष्ठ अधिकारी एवं जनप्रतिनिधि उपस्थित थे। कार्यक्रम में स्थानीय लोगों ने भी बढ़-चढ़ कर हिस्सा लिया। विभाग के अनुसार परियोजना पर तेजी से काम चल रहा है और जल्द ही इसे पूरा कर लिया जाएगा। पटना (राससं): राजधानी में आयोजित कार्यक्रम में मुख्यमंत्री ने विभिन्न योजनाओं की समीक्षा की और अधिकारियों को निर्देश दिया कि सभी कार्य समय पर पूरे किए जाएं। उन्होंने कहा कि राज्य सरकार विकास के लिए प्रतिबद्ध है और जनता को बेहतर सुविधाएं उपलब्ध कराना हमारी प्राथमिकता है।
पटना (राससं): राजधानी में आयोजित कार्यक्रम में मुख्यमंत्री ने विभिन्न योजनाओं की समीक्षा की और अधिकारियों को निर्देश दिया कि सभी कार्य समय पर पूरे किए जाएं। उन्होंने कहा कि राज्य सरकार विकास के लिए प्रतिबद्ध है और जनता को बेहतर सुविधाएं उपलब्ध कराना हमारी प्राथमिकता है। इस अवसर पर कई वरिष्ठ अधिकारी एवं जनप्रतिनिधि उपस्थित थे। कार्यक्रम में स्थानीय लोगों ने भी बढ़-चढ़ कर हिस्सा लिया। विभाग के अनुसार परियोजना पर तेजी से काम चल रहा है और जल्द ही इसे पूरा कर लिया जाएगा। पटना (राससं): राजधानी में आयोजित कार्यक्रम में मुख्यमंत्री ने विभिन्न योजनाओं की समीक्षा की और अधिकारियों को निर्देश दिया कि सभी कार्य समय पर पूरे किए जाएं। उन्होंने कहा कि राज्य सरकार विकास के लिए प्रतिबद्ध है और जनता को बेहतर सुविधाएं उपलब्ध कराना हमारी प्राथमिकता है। इस अवसर पर कई वरिष्ठ अधिकारी एवं जनप्रतिनिधि उपस्थित थे। कार्यक्रम में स्थानीय लोगों ने भी बढ़-चढ़ कर हिस्सा लिया। विभाग के अनुसार परियोजना पर तेजी से काम चल रहा है और जल्द ही इसे पूरा कर लिया जाएगा। पटना (राससं): राजधानी में आयोजित कार्यक्रम में मुख्यमंत्री ने विभिन्न योजनाओं की समीक्षा की और अधिकारियों को निर्देश दिया कि सभी कार्य समय पर पूरे किए जाएं। उन्होंने कहा कि राज्य सरकार विकास के लिए प्रतिबद्ध है और जनता को बेहतर सुविधाएं उपलब्ध कराना हमारी प्राथमिकता है।
पटना (राससं): राजधानी में आयोजित कार्यक्रम में मुख्यमंत्री ने विभिन्न योजनाओं की समीक्षा की और अधिकारियों को निर्देश दिया कि सभी कार्य समय पर पूरे किए जाएं। उन्होंने कहा कि राज्य सरकार विकास के लिए प्रतिबद्ध है और जनता को बेहतर सुविधाएं उपलब्ध कराना हमारी प्राथमिकता है। इस अवसर पर कई वरिष्ठ अधिकारी एवं जनप्रतिनिधि उपस्थित थे। कार्यक्रम में स्थानीय लोगों ने भी बढ़-चढ़ कर हिस्सा लिया। विभाग के अनुसार परियोजना पर तेजी से काम चल रहा है और जल्द ही इसे पूरा कर लिया जाएगा। पटना (राससं): राजधानी में आयोजित कार्यक्रम में मुख्यमंत्री ने विभिन्न योजनाओं की समीक्षा की और अधिकारियों को निर्देश दिया कि सभी कार्य समय पर पूरे किए जाएं। उन्होंने कहा कि राज्य सरकार विकास के लिए प्रतिबद्ध है और जनता को बेहतर सुविधाएं उपलब्ध कराना हमारी प्राथमिकता है। इस अवसर पर कई वरिष्ठ अधिकारी एवं जनप्रतिनिधि उपस्थित थे। कार्यक्रम में स्थानीय लोगों ने भी बढ़-चढ़ कर हिस्सा लिया। विभाग के अनुसार परियोजना पर तेजी से काम चल रहा है और जल्द ही इसे पूरा कर लिया जाएगा। पटना (राससं): राजधानी में आयोजित कार्यक्रम में मुख्यमंत्री ने विभिन्न योजनाओं की समीक्षा की और अधिकारियों को निर्देश दिया कि सभी कार्य समय पर पूरे किए जाएं। उन्होंने कहा कि राज्य सरकार विकास के लिए प्रतिबद्ध है और जनता को बेहतर सुविधाएं उपलब्ध कराना हमारी प्राथमिकता है।
बिहार मदरसा बोर्ड का शताब्दी समारोह 21 अगस्त को
राष्ट्रीय सागर संवाददाता
पटना (राससं): बिहार राज्य मदरसा शिक्षा बोर्ड अपनी स्थापना के 100 वर्ष पूरे करने जा रहा है। इस ऐतिहासिक अवसर पर बोर्ड ने 21 अगस्त 2025 को राजधानी पटना में शताब्दी समारोह आयोजित करने का निर्णय लिया है। पटना (राससं): राजधानी में आयोजित कार्यक्रम में मुख्यमंत्री ने विभिन्न योजनाओं की समीक्षा की और अधिकारियों को निर्देश दिया कि सभी कार्य समय पर पूरे किए जाएं। उन्होंने कहा कि राज्य सरकार विकास के लिए प्रतिबद्ध है और जनता को बेहतर सुविधाएं उपलब्ध कराना हमारी प्राथमिकता है। इस अवसर पर कई वरिष्ठ अधिकारी एवं जनप्रतिनिधि उपस्थित थे। कार्यक्रम में स्थानीय लोगों ने भी बढ़-चढ़ कर हिस्सा लिया। विभाग के अनुसार परियोजना पर तेजी से काम चल रहा है और जल्द ही इसे पूरा कर लिया जाएगा। पटना (राससं): राजधानी में आयोजित कार्यक्रम में मुख्यमंत्री ने विभिन्न योजनाओं की समीक्षा की और अधिकारियों को निर्देश दिया कि सभी कार्य समय पर पूरे किए जाएं। उन्होंने कहा कि राज्य सरकार विकास के लिए प्रतिबद्ध है और जनता को बेहतर सुविधाएं उपलब्ध कराना हमारी प्राथमिकता है। इस अवसर पर कई वरिष्ठ अधिकारी एवं जनप्रतिनिधि उपस्थित थे। कार्यक्रम में स्थानीय लोगों ने भी बढ़-चढ़ कर हिस्सा लिया। विभाग के अनुसार परियोजना पर तेजी से काम चल रहा है और जल्द ही इसे पूरा कर लिया जाएगा। पटना (राससं): राजधानी में आयोजित कार्यक्रम में मुख्यमंत्री ने विभिन्न योजनाओं की समीक्षा की और अधिकारियों को निर्देश दिया कि सभी कार्य समय पर पूरे किए जाएं। उन्होंने कहा कि राज्य सरकार विकास के लिए प्रतिबद्ध है और जनता को बेहतर सुविधाएं उपलब्ध कराना हमारी प्राथमिकता है।
गांधी मैदान में हो रही रैली का शरीयत से कोई लेना-देना नहीं : मौलाना अरशद मोहसिन
राष्ट्रीय सागर संवाददाता
पटना (राससं): राजधानी पटना के गांधी मैदान में होने वाली वक्फ बचाओ रैली को लेकर मौलाना अरशद मोहसिन ने बयान जारी किया है। उन्होंने कहा कि इस रैली का शरीयत से कोई लेना-देना नहीं है और लोगों को भ्रमित नहीं होना चाहिए। पटना (राससं): राजधानी में आयोजित कार्यक्रम में मुख्यमंत्री ने विभिन्न योजनाओं की समीक्षा की और अधिकारियों को निर्देश दिया कि सभी कार्य समय पर पूरे किए जाएं। उन्होंने कहा कि राज्य सरकार विकास के लिए प्रतिबद्ध है और जनता को बेहतर सुविधाएं उपलब्ध कराना हमारी प्राथमिकता है। इस अवसर पर कई वरिष्ठ अधिकारी एवं जनप्रतिनिधि उपस्थित थे। कार्यक्रम में स्थानीय लोगों ने भी बढ़-चढ़ कर हिस्सा लिया। विभाग के अनुसार परियोजना पर तेजी से काम चल रहा है और जल्द ही इसे पूरा कर लिया जाएगा। पटना (राससं): राजधानी में आयोजित कार्यक्रम में मुख्यमंत्री ने विभिन्न योजनाओं की समीक्षा की और अधिकारियों को निर्देश दिया कि सभी कार्य समय पर पूरे किए जाएं। उन्होंने कहा कि राज्य सरकार विकास के लिए प्रतिबद्ध है और जनता को बेहतर सुविधाएं उपलब्ध कराना हमारी प्राथमिकता है। इस अवसर पर कई वरिष्ठ अधिकारी एवं जनप्रतिनिधि उपस्थित थे। कार्यक्रम में स्थानीय लोगों ने भी बढ़-चढ़ कर हिस्सा लिया। विभाग के अनुसार परियोजना पर तेजी से काम चल रहा है और जल्द ही इसे पूरा कर लिया जाएगा। पटना (राससं): राजधानी में आयोजित कार्यक्रम में मुख्यमंत्री ने विभिन्न योजनाओं की समीक्षा की और अधिकारियों को निर्देश दिया कि सभी कार्य समय पर पूरे किए जाएं। उन्होंने कहा कि राज्य सरकार विकास के लिए प्रतिबद्ध है और जनता को बेहतर सुविधाएं उपलब्ध कराना हमारी प्राथमिकता है।
पटना (राससं): राजधानी में आयोजित कार्यक्रम में मुख्यमंत्री ने विभिन्न योजनाओं की समीक्षा की और अधिकारियों को निर्देश दिया कि सभी कार्य समय पर पूरे किए जाएं। उन्होंने कहा कि राज्य सरकार विकास के लिए प्रतिबद्ध है और जनता को बेहतर सुविधाएं उपलब्ध कराना हमारी प्राथमिकता है। इस अवसर पर कई वरिष्ठ अधिकारी एवं जनप्रतिनिधि उपस्थित थे। कार्यक्रम में स्थानीय लोगों ने भी बढ़-चढ़ कर हिस्सा लिया। विभाग के अनुसार परियोजना पर तेजी से काम चल रहा है और जल्द ही इसे पूरा कर लिया जाएगा। पटना (राससं): राजधानी में आयोजित कार्यक्रम में मुख्यमंत्री ने विभिन्न योजनाओं की समीक्षा की और अधिकारियों को निर्देश दिया कि सभी कार्य समय पर पूरे किए जाएं। उन्होंने कहा कि राज्य सरकार विकास के लिए प्रतिबद्ध है और जनता को बेहतर सुविधाएं उपलब्ध कराना हमारी प्राथमिकता है। इस अवसर पर कई वरिष्ठ अधिकारी एवं जनप्रतिनिधि उपस्थित थे। कार्यक्रम में स्थानीय लोगों ने भी बढ़-चढ़ कर हिस्सा लिया। विभाग के अनुसार परियोजना पर तेजी से काम चल रहा है और जल्द ही इसे पूरा कर लिया जाएगा। पटना (राससं): राजधानी में आयोजित कार्यक्रम में मुख्यमंत्री ने विभिन्न योजनाओं की समीक्षा की और अधिकारियों को निर्देश दिया कि सभी कार्य समय पर पूरे किए जाएं। उन्होंने कहा कि राज्य सरकार विकास के लिए प्रतिबद्ध है और जनता को बेहतर सुविधाएं उपलब्ध कराना हमारी प्राथमिकता है।
मतदाता पुनरीक्षण में बोगस मतदाता हटेंगे, इस
कारण विपक्ष को कष्ट हो रहा : जीतन राम मांझी
राष्ट्रीय सागर संवाददाता
पटना (राससं): केंद्रीय मंत्री और हिंदुस्तानी आवाम मोर्चा के संरक्षक जीतन राम मांझी ने बिहार में मतदाता सूची के विशेष गहन पुनरीक्षण के फैसले का स्वागत किया है। उन्होंने कहा कि इस प्रक्रिया से बोगस मतदाता सूची से बाहर होंगे, इसी कारण विपक्ष को कष्ट हो रहा है। पटना (राससं): राजधानी में आयोजित कार्यक्रम में मुख्यमंत्री ने विभिन्न योजनाओं की समीक्षा की और अधिकारियों को निर्देश दिया कि सभी कार्य समय पर पूरे किए जाएं। उन्होंने कहा कि राज्य सरकार विकास के लिए प्रतिबद्ध है और जनता को बेहतर सुविधाएं उपलब्ध कराना हमारी प्राथमिकता है। इस अवसर पर कई वरिष्ठ अधिकारी एवं जनप्रतिनिधि उपस्थित थे। कार्यक्रम में स्थानीय लोगों ने भी बढ़-चढ़ कर हिस्सा लिया। विभाग के अनुसार परियोजना पर तेजी से काम चल रहा है और जल्द ही इसे पूरा कर लिया जाएगा। पटना (राससं): राजधानी में आयोजित कार्यक्रम में मुख्यमंत्री ने विभिन्न योजनाओं की समीक्षा की और अधिकारियों को निर्देश दिया कि सभी कार्य समय पर पूरे किए जाएं। उन्होंने कहा कि राज्य सरकार विकास के लिए प्रतिबद्ध है और जनता को बेहतर सुविधाएं उपलब्ध कराना हमारी प्राथमिकता है। इस अवसर पर कई वरिष्ठ अधिकारी एवं जनप्रतिनिधि उपस्थित थे। कार्यक्रम में स्थानीय लोगों ने भी बढ़-चढ़ कर हिस्सा लिया। विभाग के अनुसार परियोजना पर तेजी से काम चल रहा है और जल्द ही इसे पूरा कर लिया जाएगा। पटना (राससं): राजधानी में आयोजित कार्यक्रम में मुख्यमंत्री ने विभिन्न योजनाओं की समीक्षा की और अधिकारियों को निर्देश दिया कि सभी कार्य समय पर पूरे किए जाएं। उन्होंने कहा कि राज्य सरकार विकास के लिए प्रतिबद्ध है और जनता को बेहतर सुविधाएं उपलब्ध कराना हमारी प्राथमिकता है।
पटना (राससं): राजधानी में आयोजित कार्यक्रम में मुख्यमंत्री ने विभिन्न योजनाओं की समीक्षा की और अधिकारियों को निर्देश दिया कि सभी कार्य समय पर पूरे किए जाएं। उन्होंने कहा कि राज्य सरकार विकास के लिए प्रतिबद्ध है और जनता को बेहतर सुविधाएं उपलब्ध कराना हमारी प्राथमिकता है। इस अवसर पर कई वरिष्ठ अधिकारी एवं जनप्रतिनिधि उपस्थित थे। कार्यक्रम में स्थानीय लोगों ने भी बढ़-चढ़ कर हिस्सा लिया। विभाग के अनुसार परियोजना पर तेजी से काम चल रहा है और जल्द ही इसे पूरा कर लिया जाएगा। पटना (राससं): राजधानी में आयोजित कार्यक्रम में मुख्यमंत्री ने विभिन्न योजनाओं की समीक्षा की और अधिकारियों को निर्देश दिया कि सभी कार्य समय पर पूरे किए जाएं। उन्होंने कहा कि राज्य सरकार विकास के लिए प्रतिबद्ध है और जनता को बेहतर सुविधाएं उपलब्ध कराना हमारी प्राथमिकता है। इस अवसर पर कई वरिष्ठ अधिकारी एवं जनप्रतिनिधि उपस्थित थे। कार्यक्रम में स्थानीय लोगों ने भी बढ़-चढ़ कर हिस्सा लिया। विभाग के अनुसार परियोजना पर तेजी से काम चल रहा है और जल्द ही इसे पूरा कर लिया जाएगा। पटना (राससं): राजधानी में आयोजित कार्यक्रम में मुख्यमंत्री ने विभिन्न योजनाओं की समीक्षा की और अधिकारियों को निर्देश दिया कि सभी कार्य समय पर पूरे किए जाएं। उन्होंने कहा कि राज्य सरकार विकास के लिए प्रतिबद्ध है और जनता को बेहतर सुविधाएं उपलब्ध कराना हमारी प्राथमिकता है।
पटना (राससं): राजधानी में आयोजित कार्यक्रम में मुख्यमंत्री ने विभिन्न योजनाओं की समीक्षा की और अधिकारियों को निर्देश दिया कि सभी कार्य समय पर पूरे किए जाएं। उन्होंने कहा कि राज्य सरकार विकास के लिए प्रतिबद्ध है और जनता को बेहतर सुविधाएं उपलब्ध कराना हमारी प्राथमिकता है। इस अवसर पर कई वरिष्ठ अधिकारी एवं जनप्रतिनिधि उपस्थित थे। कार्यक्रम में स्थानीय लोगों ने भी बढ़-चढ़ कर हिस्सा लिया। विभाग के अनुसार परियोजना पर तेजी से काम चल रहा है और जल्द ही इसे पूरा कर लिया जाएगा। पटना (राससं): राजधानी में आयोजित कार्यक्रम में मुख्यमंत्री ने विभिन्न योजनाओं की समीक्षा की और अधिकारियों को निर्देश दिया कि सभी कार्य समय पर पूरे किए जाएं। उन्होंने कहा कि राज्य सरकार विकास के लिए प्रतिबद्ध है और जनता को बेहतर सुविधाएं उपलब्ध कराना हमारी प्राथमिकता है। इस अवसर पर कई वरिष्ठ अधिकारी एवं जनप्रतिनिधि उपस्थित थे। कार्यक्रम में स्थानीय लोगों ने भी बढ़-चढ़ कर हिस्सा लिया। विभाग के अनुसार परियोजना पर तेजी से काम चल रहा है और जल्द ही इसे पूरा कर लिया जाएगा। पटना (राससं): राजधानी में आयोजित कार्यक्रम में मुख्यमंत्री ने विभिन्न योजनाओं की समीक्षा की और अधिकारियों को निर्देश दिया कि सभी कार्य समय पर पूरे किए जाएं। उन्होंने कहा कि राज्य सरकार विकास के लिए प्रतिबद्ध है और जनता को बेहतर सुविधाएं उपलब्ध कराना हमारी प्राथमिकता है।
कच्ची दरगाह-बिदुपुर पुल से राघोपुर का बदलेगा जीवन
सीएम नीतीश ने राघोपुर क्षेत्र के विकास की संभावनाओं को टटोलने के लिए बनाई कमिटी
राष्ट्रीय सागर संवाददाता
पटना (राससं): मुख्यमंत्री नीतीश कुमार ने शनिवार को कच्ची दरगाह-बिदुपुर छह लेन पुल निर्माण कार्य का स्थल निरीक्षण किया। उन्होंने अधिकारियों को निर्देश दिया कि पुल निर्माण कार्य जल्द पूरा किया जाए। पुल के बन जाने से राघोपुर क्षेत्र के लोगों का जीवन बदल जाएगा। पटना (राससं): राजधानी में आयोजित कार्यक्रम में मुख्यमंत्री ने विभिन्न योजनाओं की समीक्षा की और अधिकारियों को निर्देश दिया कि सभी कार्य समय पर पूरे किए जाएं। उन्होंने कहा कि राज्य सरकार विकास के लिए प्रतिबद्ध है और जनता को बेहतर सुविधाएं उपलब्ध कराना हमारी प्राथमिकता है। इस अवसर पर कई वरिष्ठ अधिकारी एवं जनप्रतिनिधि उपस्थित थे। कार्यक्रम में स्थानीय लोगों ने भी बढ़-चढ़ कर हिस्सा लिया। विभाग के अनुसार परियोजना पर तेजी से काम चल रहा है और जल्द ही इसे पूरा कर लिया जाएगा। पटना (राससं): राजधानी में आयोजित कार्यक्रम में मुख्यमंत्री ने विभिन्न योजनाओं की समीक्षा की और अधिकारियों को निर्देश दिया कि सभी कार्य समय पर पूरे किए जाएं। उन्होंने कहा कि राज्य सरकार विकास के लिए प्रतिबद्ध है और जनता को बेहतर सुविधाएं उपलब्ध कराना हमारी प्राथमिकता है। इस अवसर पर कई वरिष्ठ अधिकारी एवं जनप्रतिनिधि उपस्थित थे। कार्यक्रम में स्थानीय लोगों ने भी बढ़-चढ़ कर हिस्सा लिया। विभाग के अनुसार परियोजना पर तेजी से काम चल रहा है और जल्द ही इसे पूरा कर लिया जाएगा। पटना (राससं): राजधानी में आयोजित कार्यक्रम में मुख्यमंत्री ने विभिन्न योजनाओं की समीक्षा की और अधिकारियों को निर्देश दिया कि सभी कार्य समय पर पूरे किए जाएं। उन्होंने कहा कि राज्य सरकार विकास के लिए प्रतिबद्ध है और जनता को बेहतर सुविधाएं उपलब्ध कराना हमारी प्राथमिकता है।
पटना (राससं): राजधानी में आयोजित कार्यक्रम में मुख्यमंत्री ने विभिन्न योजनाओं की समीक्षा की और अधिकारियों को निर्देश दिया कि सभी कार्य समय पर पूरे किए जाएं। उन्होंने कहा कि राज्य सरकार विकास के लिए प्रतिबद्ध है और जनता को बेहतर सुविधाएं उपलब्ध कराना हमारी प्राथमिकता है। इस अवसर पर कई वरिष्ठ अधिकारी एवं जनप्रतिनिधि उपस्थित थे। कार्यक्रम में स्थानीय लोगों ने भी बढ़-चढ़ कर हिस्सा लिया। विभाग के अनुसार परियोजना पर तेजी से काम चल रहा है और जल्द ही इसे पूरा कर लिया जाएगा। पटना (राससं): राजधानी में आयोजित कार्यक्रम में मुख्यमंत्री ने विभिन्न योजनाओं की समीक्षा की और अधिकारियों को निर्देश दिया कि सभी कार्य समय पर पूरे किए जाएं। उन्होंने कहा कि राज्य सरकार विकास के लिए प्रतिबद्ध है और जनता को बेहतर सुविधाएं उपलब्ध कराना हमारी प्राथमिकता है। इस अवसर पर कई वरिष्ठ अधिकारी एवं जनप्रतिनिधि उपस्थित थे। कार्यक्रम में स्थानीय लोगों ने भी बढ़-चढ़ कर हिस्सा लिया। विभाग के अनुसार परियोजना पर तेजी से काम चल रहा है और जल्द ही इसे पूरा कर लिया जाएगा। पटना (राससं): राजधानी में आयोजित कार्यक्रम में मुख्यमंत्री ने विभिन्न योजनाओं की समीक्षा की और अधिकारियों को निर्देश दिया कि सभी कार्य समय पर पूरे किए जाएं। उन्होंने कहा कि राज्य सरकार विकास के लिए प्रतिबद्ध है और जनता को बेहतर सुविधाएं उपलब्ध कराना हमारी प्राथमिकता है।
पटना (राससं): राजधानी में आयोजित कार्यक्रम में मुख्यमंत्री ने विभिन्न योजनाओं की समीक्षा की और अधिकारियों को निर्देश दिया कि सभी कार्य समय पर पूरे किए जाएं। उन्होंने कहा कि राज्य सरकार विकास के लिए प्रतिबद्ध है और जनता को बेहतर सुविधाएं उपलब्ध कराना हमारी प्राथमिकता है। इस अवसर पर कई वरिष्ठ अधिकारी एवं जनप्रतिनिधि उपस्थित थे। कार्यक्रम में स्थानीय लोगों ने भी बढ़-चढ़ कर हिस्सा लिया। विभाग के अनुसार परियोजना पर तेजी से काम चल रहा है और जल्द ही इसे पूरा कर लिया जाएगा। पटना (राससं): राजधानी में आयोजित कार्यक्रम में मुख्यमंत्री ने विभिन्न योजनाओं की समीक्षा की और अधिकारियों को निर्देश दिया कि सभी कार्य समय पर पूरे किए जाएं। उन्होंने कहा कि राज्य सरकार विकास के लिए प्रतिबद्ध है और जनता को बेहतर सुविधाएं उपलब्ध कराना हमारी प्राथमिकता है। इस अवसर पर कई वरिष्ठ अधिकारी एवं जनप्रतिनिधि उपस्थित थे। कार्यक्रम में स्थानीय लोगों ने भी बढ़-चढ़ कर हिस्सा लिया। विभाग के अनुसार परियोजना पर तेजी से काम चल रहा है और जल्द ही इसे पूरा कर लिया जाएगा। पटना (राससं): राजधानी में आयोजित कार्यक्रम में मुख्यमंत्री ने विभिन्न योजनाओं की समीक्षा की और अधिकारियों को निर्देश दिया कि सभी कार्य समय पर पूरे किए जाएं। उन्होंने कहा कि राज्य सरकार विकास के लिए प्रतिबद्ध है और जनता को बेहतर सुविधाएं उपलब्ध कराना हमारी प्राथमिकता है।
6 लेन गंगा पुल के शुभारंभ से समय और दूरी में आई कमी
पटना (राससं): राजधानी में आयोजित कार्यक्रम में मुख्यमंत्री ने विभिन्न योजनाओं की समीक्षा की और अधिकारियों को निर्देश दिया कि सभी कार्य समय पर पूरे किए जाएं। उन्होंने कहा कि राज्य सरकार विकास के लिए प्रतिबद्ध है और जनता को बेहतर सुविधाएं उपलब्ध कराना हमारी प्राथमिकता है। इस अवसर पर कई वरिष्ठ अधिकारी एवं जनप्रतिनिधि उपस्थित थे। कार्यक्रम में स्थानीय लोगों ने भी बढ़-चढ़ कर हिस्सा लिया। विभाग के अनुसार परियोजना पर तेजी से काम चल रहा है और जल्द ही इसे पूरा कर लिया जाएगा। पटना (राससं): राजधानी में आयोजित कार्यक्रम में मुख्यमंत्री ने विभिन्न योजनाओं की समीक्षा की और अधिकारियों को निर्देश दिया कि सभी कार्य समय पर पूरे किए जाएं। उन्होंने कहा कि राज्य सरकार विकास के लिए प्रतिबद्ध है और जनता को बेहतर सुविधाएं उपलब्ध कराना हमारी प्राथमिकता है। इस अवसर पर कई वरिष्ठ अधिकारी एवं जनप्रतिनिधि उपस्थित थे। कार्यक्रम में स्थानीय लोगों ने भी बढ़-चढ़ कर हिस्सा लिया। विभाग के अनुसार परियोजना पर तेजी से काम चल रहा है और जल्द ही इसे पूरा कर लिया जाएगा। पटना (राससं): राजधानी में आयोजित कार्यक्रम में मुख्यमंत्री ने विभिन्न योजनाओं की समीक्षा की और अधिकारियों को निर्देश दिया कि सभी कार्य समय पर पूरे किए जाएं। उन्होंने कहा कि राज्य सरकार विकास के लिए प्रतिबद्ध है और जनता को बेहतर सुविधाएं उपलब्ध कराना हमारी प्राथमिकता है।
पटना (राससं): राजधानी में आयोजित कार्यक्रम में मुख्यमंत्री ने विभिन्न योजनाओं की समीक्षा की और अधिकारियों को निर्देश दिया कि सभी कार्य समय पर पूरे किए जाएं। उन्होंने कहा कि राज्य सरकार विकास के लिए प्रतिबद्ध है और जनता को बेहतर सुविधाएं उपलब्ध कराना हमारी प्राथमिकता है। इस अवसर पर कई वरिष्ठ अधिकारी एवं जनप्रतिनिधि उपस्थित थे। कार्यक्रम में स्थानीय लोगों ने भी बढ़-चढ़ कर हिस्सा लिया। विभाग के अनुसार परियोजना पर तेजी से काम चल रहा है और जल्द ही इसे पूरा कर लिया जाएगा। पटना (राससं): राजधानी में आयोजित कार्यक्रम में मुख्यमंत्री ने विभिन्न योजनाओं की समीक्षा की और अधिकारियों को निर्देश दिया कि सभी कार्य समय पर पूरे किए जाएं। उन्होंने कहा कि राज्य सरकार विकास के लिए प्रतिबद्ध है और जनता को बेहतर सुविधाएं उपलब्ध कराना हमारी प्राथमिकता है। इस अवसर पर कई वरिष्ठ अधिकारी एवं जनप्रतिनिधि उपस्थित थे। कार्यक्रम में स्थानीय लोगों ने भी बढ़-चढ़ कर हिस्सा लिया। विभाग के अनुसार परियोजना पर तेजी से काम चल रहा है और जल्द ही इसे पूरा कर लिया जाएगा। पटना (राससं): राजधानी में आयोजित कार्यक्रम में मुख्यमंत्री ने विभिन्न योजनाओं की समीक्षा की और अधिकारियों को निर्देश दिया कि सभी कार्य समय पर पूरे किए जाएं। उन्होंने कहा कि राज्य सरकार विकास के लिए प्रतिबद्ध है और जनता को बेहतर सुविधाएं उपलब्ध कराना हमारी प्राथमिकता है।
महात्मा गांधी सेतु पर दबाव कम
पटना (राससं): राजधानी में आयोजित कार्यक्रम में मुख्यमंत्री ने विभिन्न योजनाओं की समीक्षा की और अधिकारियों को निर्देश दिया कि सभी कार्य समय पर पूरे किए जाएं। उन्होंने कहा कि राज्य सरकार विकास के लिए प्रतिबद्ध है और जनता को बेहतर सुविधाएं उपलब्ध कराना हमारी प्राथमिकता है। इस अवसर पर कई वरिष्ठ अधिकारी एवं जनप्रतिनिधि उपस्थित थे। कार्यक्रम में स्थानीय लोगों ने भी बढ़-चढ़ कर हिस्सा लिया। विभाग के अनुसार परियोजना पर तेजी से काम चल रहा है और जल्द ही इसे पूरा कर लिया जाएगा। पटना (राससं): राजधानी में आयोजित कार्यक्रम में मुख्यमंत्री ने विभिन्न योजनाओं की समीक्षा की और अधिकारियों को निर्देश दिया कि सभी कार्य समय पर पूरे किए जाएं। उन्होंने कहा कि राज्य सरकार विकास के लिए प्रतिबद्ध है और जनता को बेहतर सुविधाएं उपलब्ध कराना हमारी प्राथमिकता है। इस अवसर पर कई वरिष्ठ अधिकारी एवं जनप्रतिनिधि उपस्थित थे। कार्यक्रम में स्थानीय लोगों ने भी बढ़-चढ़ कर हिस्सा लिया। विभाग के अनुसार परियोजना पर तेजी से काम चल रहा है और जल्द ही इसे पूरा कर लिया जाएगा। पटना (राससं): राजधानी में आयोजित कार्यक्रम में मुख्यमंत्री ने विभिन्न योजनाओं की समीक्षा की और अधिकारियों को निर्देश दिया कि सभी कार्य समय पर पूरे किए जाएं। उन्होंने कहा कि राज्य सरकार विकास के लिए प्रतिबद्ध है और जनता को बेहतर सुविधाएं उपलब्ध कराना हमारी प्राथमिकता है।
